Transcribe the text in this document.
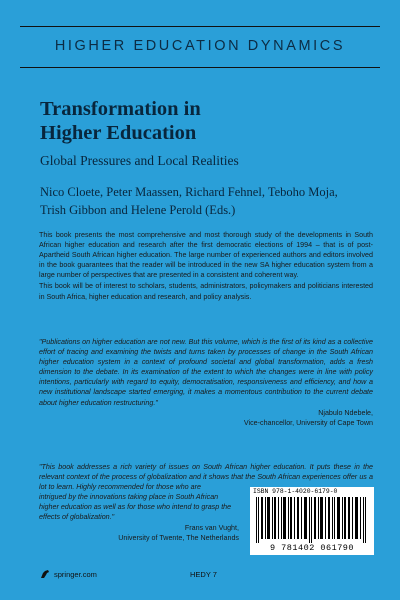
HIGHER EDUCATION DYNAMICS
Transformation in
Higher Education
Global Pressures and Local Realities
Nico Cloete, Peter Maassen, Richard Fehnel, Teboho Moja,
Trish Gibbon and Helene Perold (Eds.)

This book presents the most comprehensive and most thorough study of the developments in South African higher education and research after the first democratic elections of 1994 – that is of post-Apartheid South African higher education. The large number of experienced authors and editors involved in the book guarantees that the reader will be introduced in the new SA higher education system from a large number of perspectives that are presented in a consistent and coherent way.

This book will be of interest to scholars, students, administrators, policymakers and politicians interested in South Africa, higher education and research, and policy analysis.

"Publications on higher education are not new. But this volume, which is the first of its kind as a collective effort of tracing and examining the twists and turns taken by processes of change in the South African higher education system in a context of profound societal and global transformation, adds a fresh dimension to the debate. In its examination of the extent to which the changes were in line with policy intentions, particularly with regard to equity, democratisation, responsiveness and efficiency, and how a new institutional landscape started emerging, it makes a momentous contribution to the current debate about higher education restructuring."

Njabulo Ndebele,

Vice-chancellor, University of Cape Town

"This book addresses a rich variety of issues on South African higher education. It puts these in the relevant context of the process of globalization and it shows that the South African experiences offer us a lot to learn. Highly recommended for those who are

intrigued by the innovations taking place in South African higher education as well as for those who intend to grasp the effects of globalization."

Frans van Vught,

University of Twente, The Netherlands

ISBN 978-1-4020-6179-0
9 781402 061790
springer.com	HEDY 7
